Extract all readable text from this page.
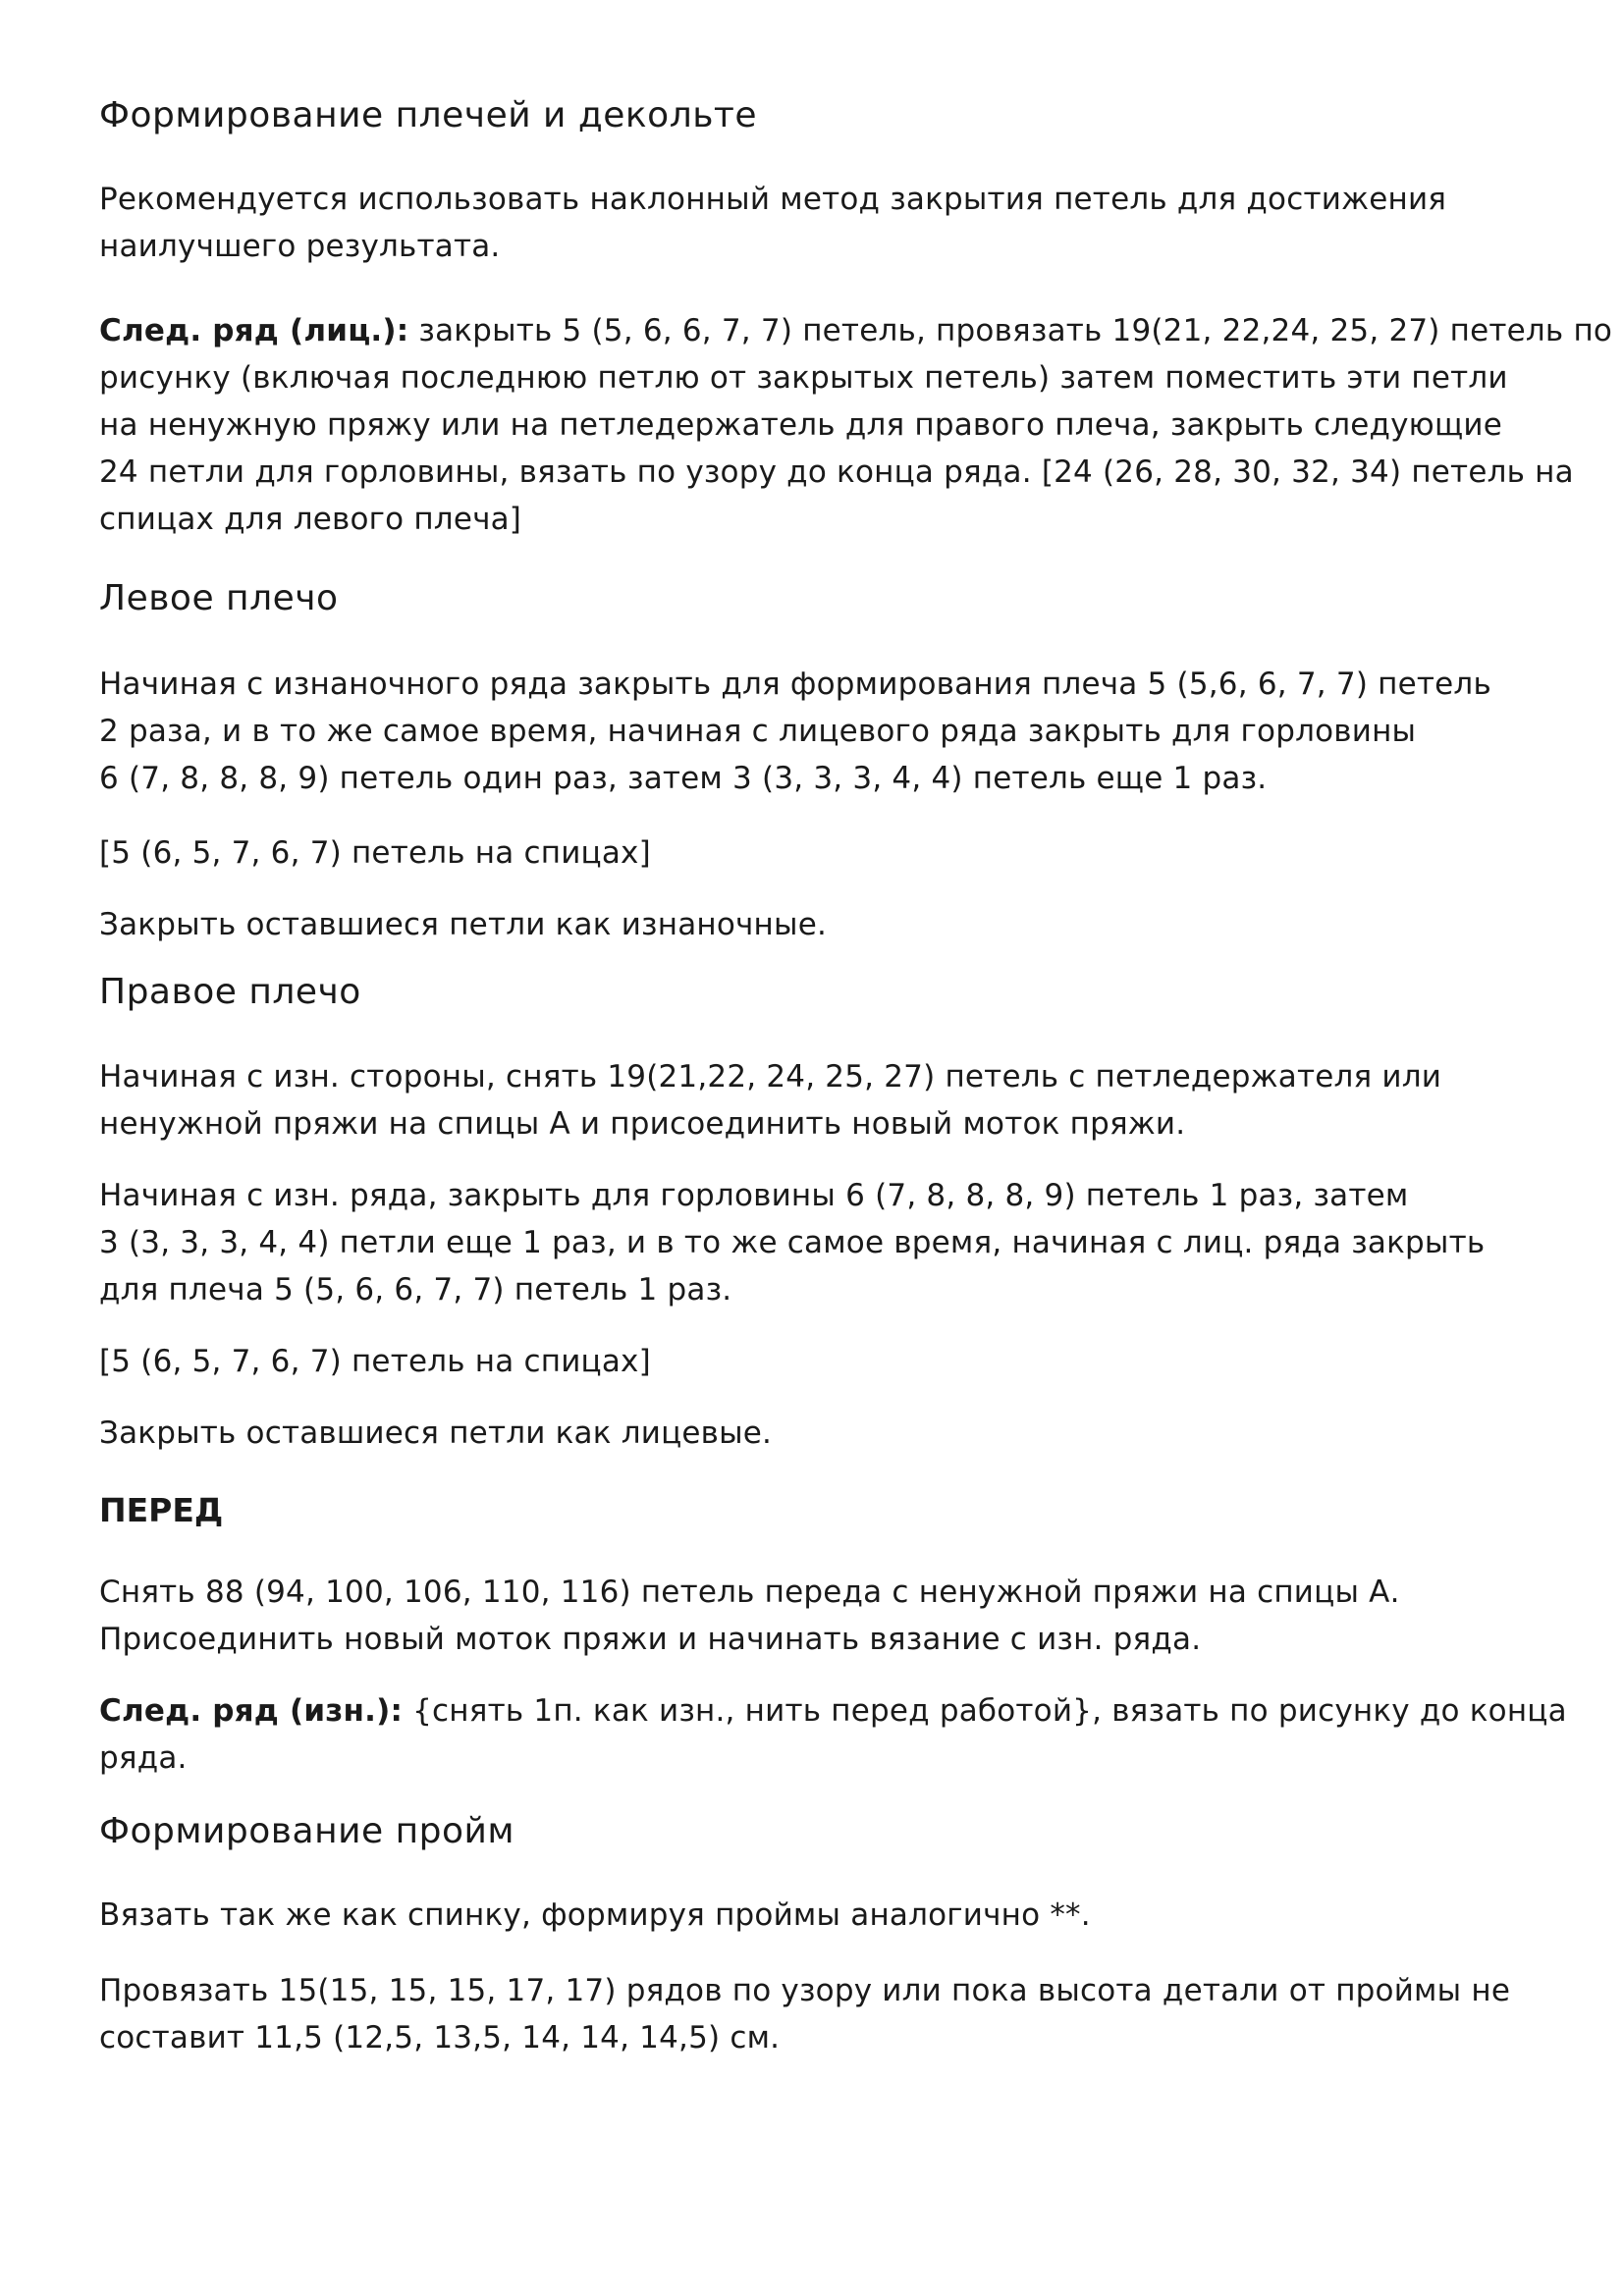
Формирование плечей и декольте

Рекомендуется использовать наклонный метод закрытия петель для достижения
наилучшего результата.

След. ряд (лиц.): закрыть 5 (5, 6, 6, 7, 7) петель, провязать 19(21, 22,24, 25, 27) петель по
рисунку (включая последнюю петлю от закрытых петель) затем поместить эти петли
на ненужную пряжу или на петледержатель для правого плеча, закрыть следующие
24 петли для горловины, вязать по узору до конца ряда. [24 (26, 28, 30, 32, 34) петель на
спицах для левого плеча]

Левое плечо

Начиная с изнаночного ряда закрыть для формирования плеча 5 (5,6, 6, 7, 7) петель
2 раза, и в то же самое время, начиная с лицевого ряда закрыть для горловины
6 (7, 8, 8, 8, 9) петель один раз, затем 3 (3, 3, 3, 4, 4) петель еще 1 раз.

[5 (6, 5, 7, 6, 7) петель на спицах]

Закрыть оставшиеся петли как изнаночные.

Правое плечо

Начиная с изн. стороны, снять 19(21,22, 24, 25, 27) петель с петледержателя или
ненужной пряжи на спицы А и присоединить новый моток пряжи.

Начиная с изн. ряда, закрыть для горловины 6 (7, 8, 8, 8, 9) петель 1 раз, затем
3 (3, 3, 3, 4, 4) петли еще 1 раз, и в то же самое время, начиная с лиц. ряда закрыть
для плеча 5 (5, 6, 6, 7, 7) петель 1 раз.

[5 (6, 5, 7, 6, 7) петель на спицах]

Закрыть оставшиеся петли как лицевые.

ПЕРЕД

Снять 88 (94, 100, 106, 110, 116) петель переда с ненужной пряжи на спицы А.
Присоединить новый моток пряжи и начинать вязание с изн. ряда.

След. ряд (изн.): {снять 1п. как изн., нить перед работой}, вязать по рисунку до конца
ряда.

Формирование пройм

Вязать так же как спинку, формируя проймы аналогично **.

Провязать 15(15, 15, 15, 17, 17) рядов по узору или пока высота детали от проймы не
составит 11,5 (12,5, 13,5, 14, 14, 14,5) см.
